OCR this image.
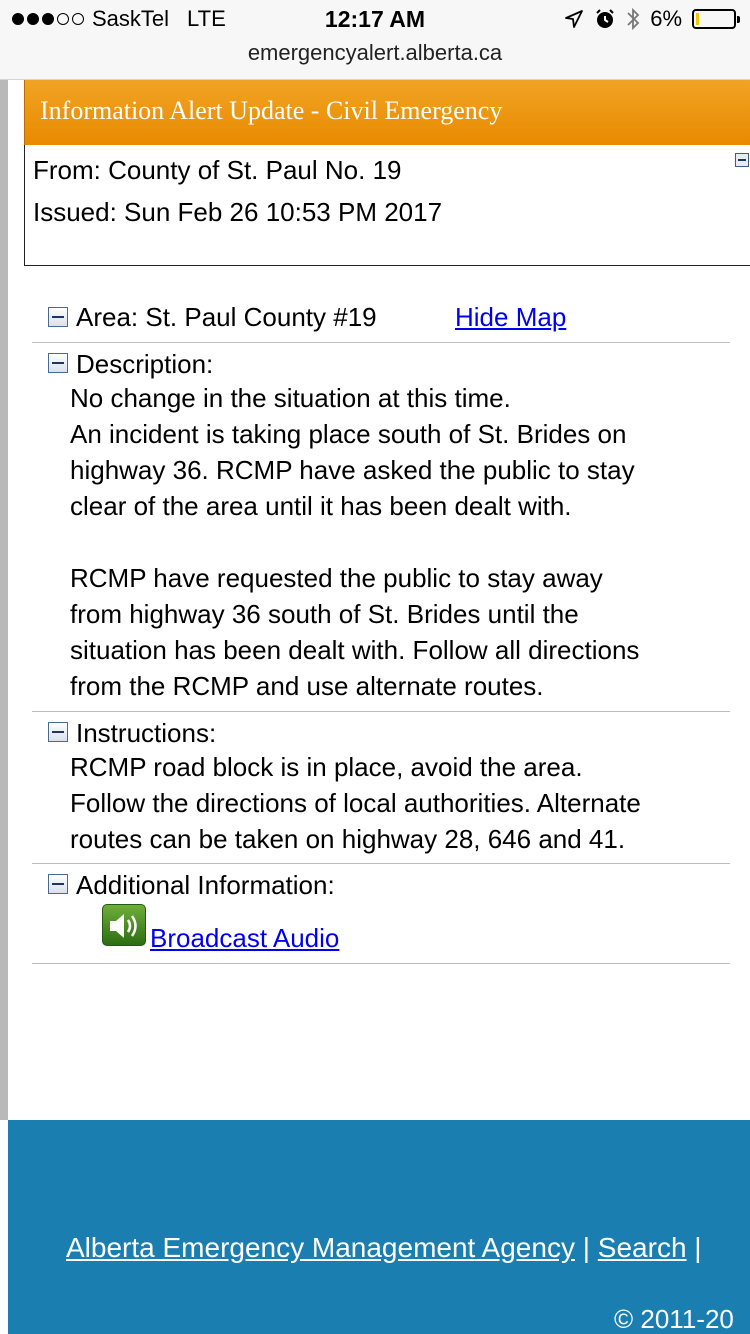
SaskTel LTE	12:17 AM	6%
emergencyalert.alberta.ca
Information Alert Update - Civil Emergency
From: County of St. Paul No. 19
Issued: Sun Feb 26 10:53 PM 2017
Area: St. Paul County #19	Hide Map
Description:
No change in the situation at this time.
An incident is taking place south of St. Brides on
highway 36. RCMP have asked the public to stay
clear of the area until it has been dealt with.
RCMP have requested the public to stay away
from highway 36 south of St. Brides until the
situation has been dealt with. Follow all directions
from the RCMP and use alternate routes.
Instructions:
RCMP road block is in place, avoid the area.
Follow the directions of local authorities. Alternate
routes can be taken on highway 28, 646 and 41.
Additional Information:
Broadcast Audio
Alberta Emergency Management Agency | Search |
© 2011-20
